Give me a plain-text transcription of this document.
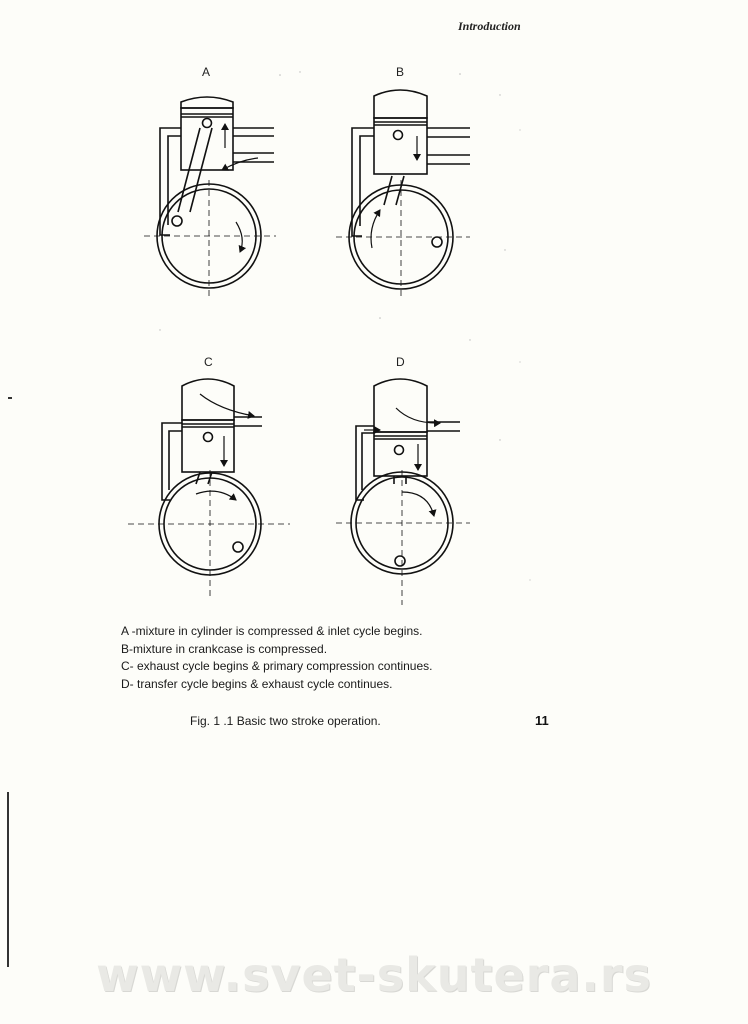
Introduction
A	B
C	D
A -mixture in cylinder is compressed & inlet cycle begins.
B-mixture in crankcase is compressed.
C- exhaust cycle begins & primary compression continues.
D- transfer cycle begins & exhaust cycle continues.
Fig. 1 .1 Basic two stroke operation.	11
www.svet-skutera.rs
